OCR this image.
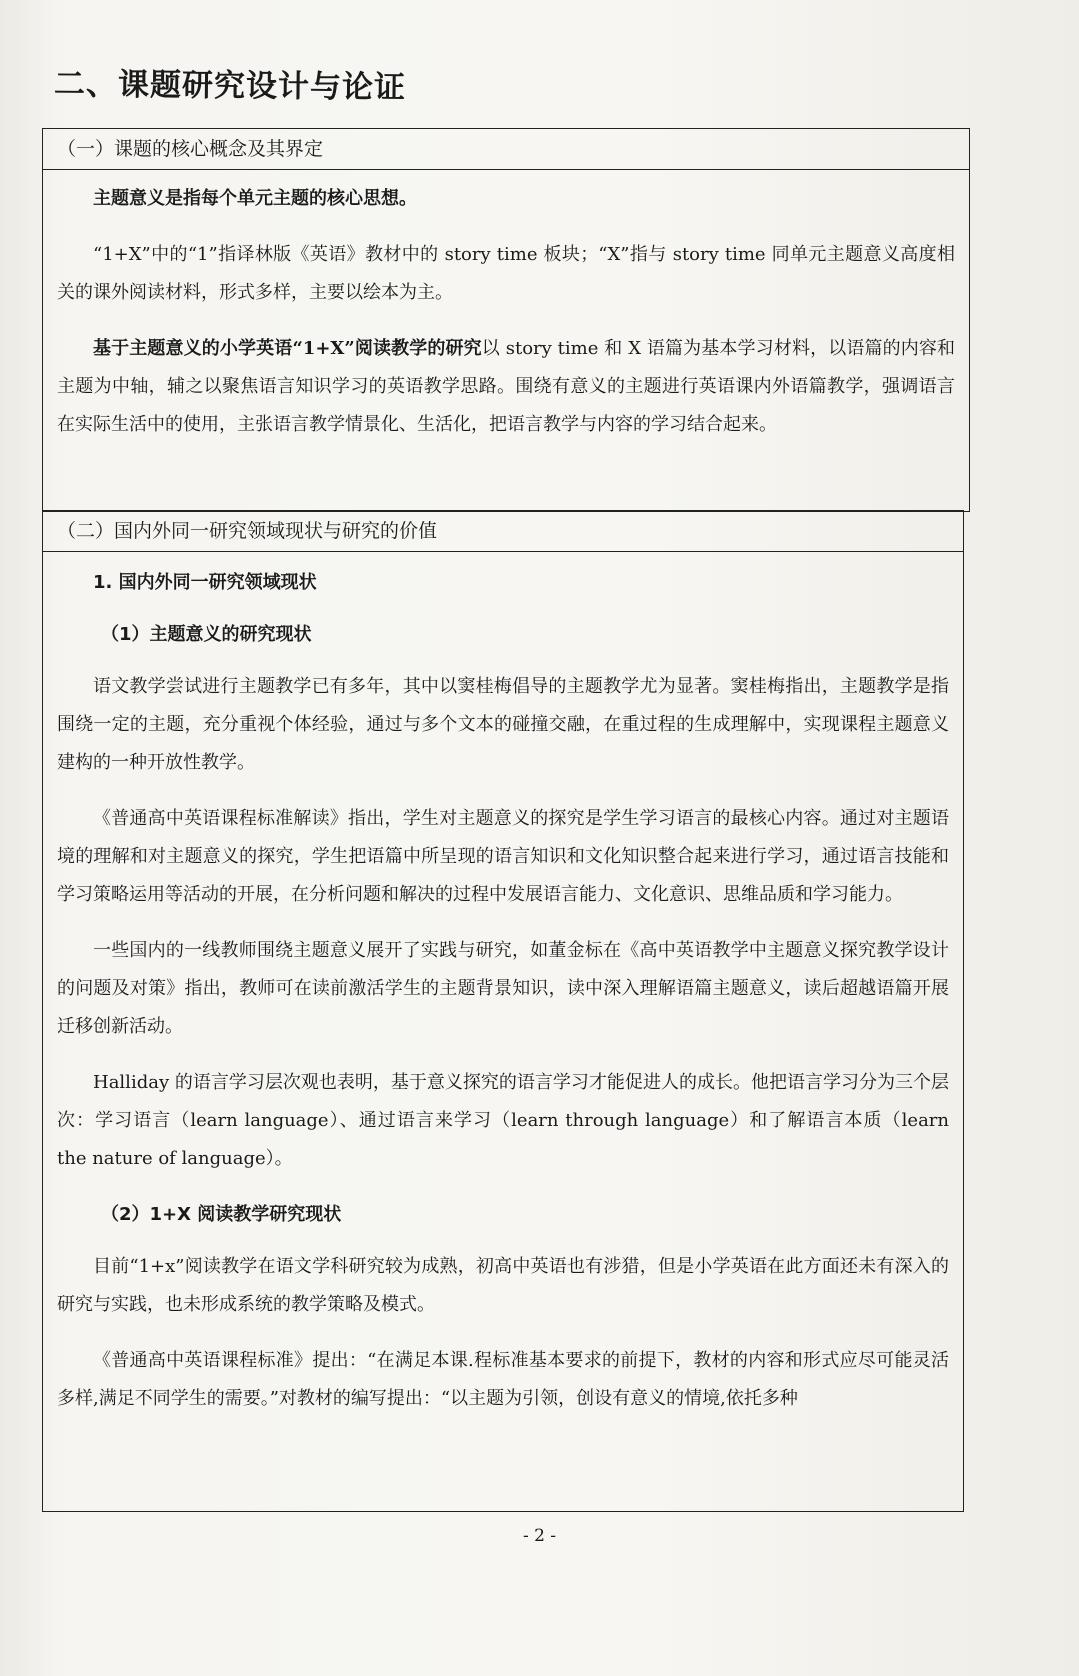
二、课题研究设计与论证
（一）课题的核心概念及其界定

主题意义是指每个单元主题的核心思想。

“1+X”中的“1”指译林版《英语》教材中的 story time 板块；“X”指与 story time 同单元主题意义高度相关的课外阅读材料，形式多样，主要以绘本为主。

基于主题意义的小学英语“1+X”阅读教学的研究以 story time 和 X 语篇为基本学习材料，以语篇的内容和主题为中轴，辅之以聚焦语言知识学习的英语教学思路。围绕有意义的主题进行英语课内外语篇教学，强调语言在实际生活中的使用，主张语言教学情景化、生活化，把语言教学与内容的学习结合起来。

（二）国内外同一研究领域现状与研究的价值
1. 国内外同一研究领域现状
（1）主题意义的研究现状

语文教学尝试进行主题教学已有多年，其中以窦桂梅倡导的主题教学尤为显著。窦桂梅指出，主题教学是指围绕一定的主题，充分重视个体经验，通过与多个文本的碰撞交融，在重过程的生成理解中，实现课程主题意义建构的一种开放性教学。

《普通高中英语课程标准解读》指出，学生对主题意义的探究是学生学习语言的最核心内容。通过对主题语境的理解和对主题意义的探究，学生把语篇中所呈现的语言知识和文化知识整合起来进行学习，通过语言技能和学习策略运用等活动的开展，在分析问题和解决的过程中发展语言能力、文化意识、思维品质和学习能力。

一些国内的一线教师围绕主题意义展开了实践与研究，如董金标在《高中英语教学中主题意义探究教学设计的问题及对策》指出，教师可在读前激活学生的主题背景知识，读中深入理解语篇主题意义，读后超越语篇开展迁移创新活动。

Halliday 的语言学习层次观也表明，基于意义探究的语言学习才能促进人的成长。他把语言学习分为三个层次：学习语言（learn language）、通过语言来学习（learn through language）和了解语言本质（learn the nature of language）。

（2）1+X 阅读教学研究现状

目前“1+x”阅读教学在语文学科研究较为成熟，初高中英语也有涉猎，但是小学英语在此方面还未有深入的研究与实践，也未形成系统的教学策略及模式。

《普通高中英语课程标准》提出：“在满足本课.程标准基本要求的前提下，教材的内容和形式应尽可能灵活多样,满足不同学生的需要。”对教材的编写提出：“以主题为引领，创设有意义的情境,依托多种

- 2 -
